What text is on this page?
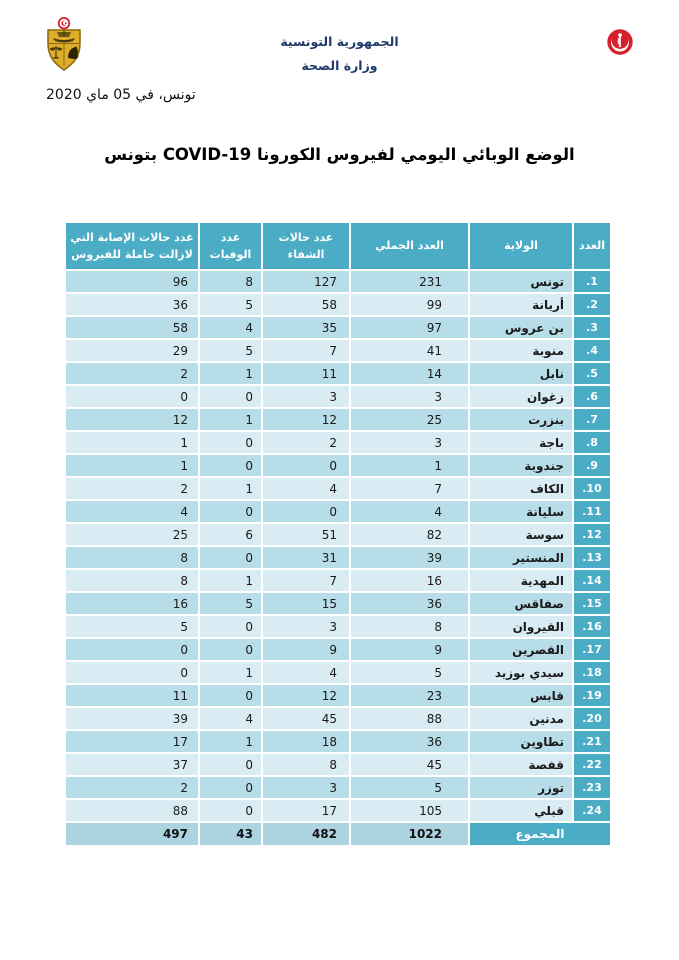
الجمهورية التونسية
وزارة الصحة
تونس، في 05 ماي 2020
الوضع الوبائي اليومي لفيروس الكورونا COVID-19 بتونس
العدد	الولاية	العدد الجملي	عدد حالات الشفاء	عدد الوفيات	عدد حالات الإصابة التي لازالت حاملة للفيروس
.1	تونس	231	127	8	96
.2	أريانة	99	58	5	36
.3	بن عروس	97	35	4	58
.4	منوبة	41	7	5	29
.5	نابل	14	11	1	2
.6	زغوان	3	3	0	0
.7	بنزرت	25	12	1	12
.8	باجة	3	2	0	1
.9	جندوبة	1	0	0	1
.10	الكاف	7	4	1	2
.11	سليانة	4	0	0	4
.12	سوسة	82	51	6	25
.13	المنستير	39	31	0	8
.14	المهدية	16	7	1	8
.15	صفاقس	36	15	5	16
.16	القيروان	8	3	0	5
.17	القصرين	9	9	0	0
.18	سيدي بوزيد	5	4	1	0
.19	قابس	23	12	0	11
.20	مدنين	88	45	4	39
.21	تطاوين	36	18	1	17
.22	قفصة	45	8	0	37
.23	توزر	5	3	0	2
.24	قبلي	105	17	0	88
المجموع		1022	482	43	497
